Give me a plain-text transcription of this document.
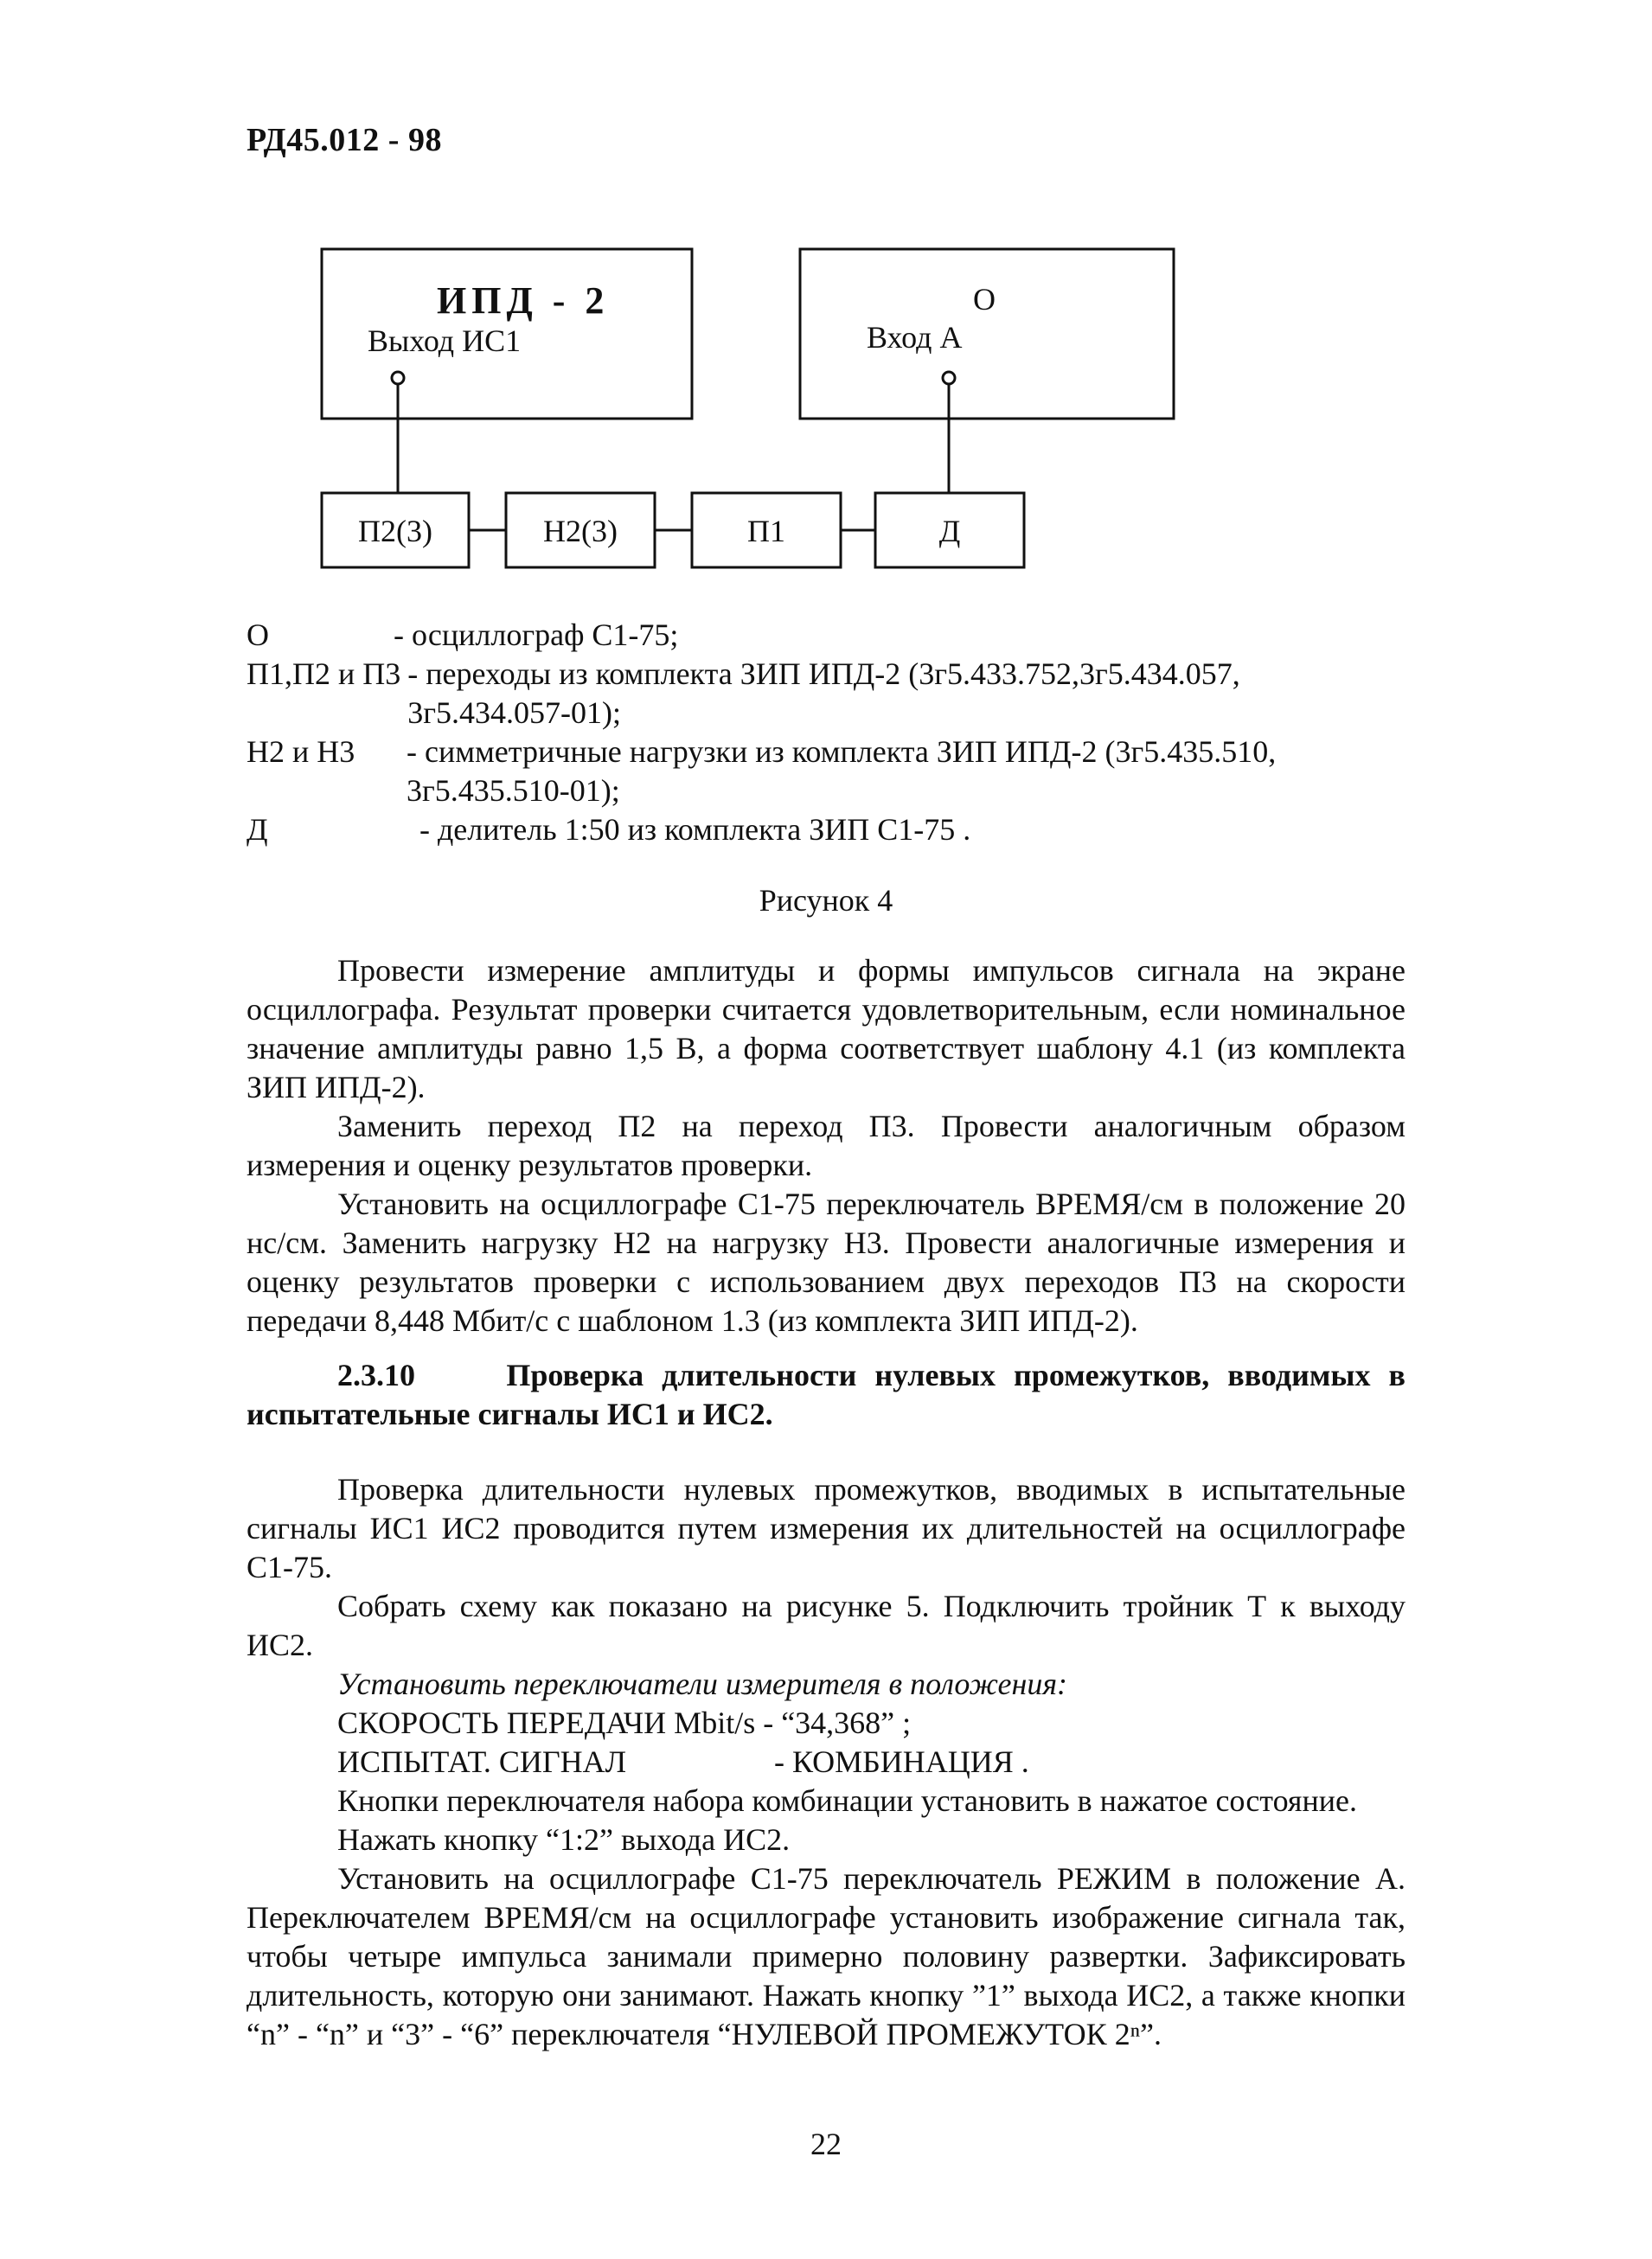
РД45.012 - 98
ИПД - 2
Выход ИС1
О
Вход А
П2(3)	Н2(3)	П1	Д
О	- осциллограф С1-75;
П1,П2 и П3 - переходы из комплекта ЗИП ИПД-2 (3г5.433.752,3г5.434.057, 3г5.434.057-01);
Н2 и Н3	- симметричные нагрузки из комплекта ЗИП ИПД-2 (3г5.435.510, 3г5.435.510-01);
Д	- делитель 1:50 из комплекта ЗИП С1-75 .
Рисунок 4

Провести измерение амплитуды и формы импульсов сигнала на экране осциллографа. Результат проверки считается удовлетворительным, если номинальное значение амплитуды равно 1,5 В, а форма соответствует шаблону 4.1 (из комплекта ЗИП ИПД-2).

Заменить переход П2 на переход П3. Провести аналогичным образом измерения и оценку результатов проверки.

Установить на осциллографе С1-75 переключатель ВРЕМЯ/см в положение 20 нс/см. Заменить нагрузку Н2 на нагрузку Н3. Провести аналогичные измерения и оценку результатов проверки с использованием двух переходов П3 на скорости передачи 8,448 Мбит/с с шаблоном 1.3 (из комплекта ЗИП ИПД-2).

2.3.10	Проверка длительности нулевых промежутков, вводимых в испытательные сигналы ИС1 и ИС2.

Проверка длительности нулевых промежутков, вводимых в испытательные сигналы ИС1 ИС2 проводится путем измерения их длительностей на осциллографе С1-75.

Собрать схему как показано на рисунке 5. Подключить тройник Т к выходу ИС2.

Установить переключатели измерителя в положения:

СКОРОСТЬ ПЕРЕДАЧИ Mbit/s - “34,368” ;
ИСПЫТАТ. СИГНАЛ	- КОМБИНАЦИЯ .

Кнопки переключателя набора комбинации установить в нажатое состояние.

Нажать кнопку “1:2” выхода ИС2.

Установить на осциллографе С1-75 переключатель РЕЖИМ в положение А. Переключателем ВРЕМЯ/см на осциллографе установить изображение сигнала так, чтобы четыре импульса занимали примерно половину развертки. Зафиксировать длительность, которую они занимают. Нажать кнопку ”1” выхода ИС2, а также кнопки “n” - “n” и “3” - “6” переключателя “НУЛЕВОЙ ПРОМЕЖУТОК 2ⁿ”.

22
